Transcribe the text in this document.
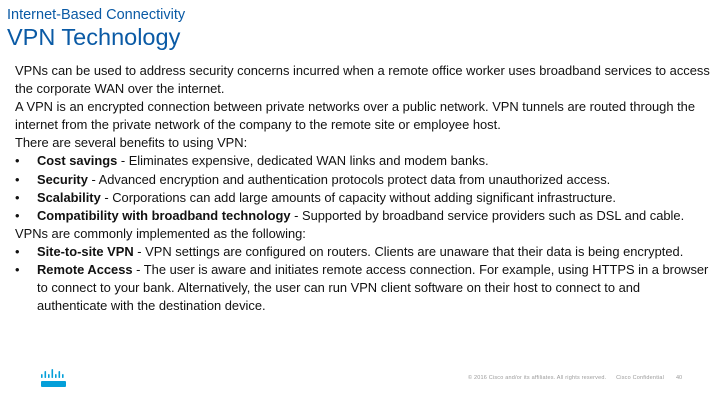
Internet-Based Connectivity
VPN Technology
VPNs can be used to address security concerns incurred when a remote office worker uses broadband services to access the corporate WAN over the internet.
A VPN is an encrypted connection between private networks over a public network. VPN tunnels are routed through the internet from the private network of the company to the remote site or employee host.
There are several benefits to using VPN:
•	Cost savings - Eliminates expensive, dedicated WAN links and modem banks.
•	Security - Advanced encryption and authentication protocols protect data from unauthorized access.
•	Scalability - Corporations can add large amounts of capacity without adding significant infrastructure.
•	Compatibility with broadband technology - Supported by broadband service providers such as DSL and cable.
VPNs are commonly implemented as the following:
•	Site-to-site VPN - VPN settings are configured on routers. Clients are unaware that their data is being encrypted.
•	Remote Access - The user is aware and initiates remote access connection. For example, using HTTPS in a browser to connect to your bank. Alternatively, the user can run VPN client software on their host to connect to and authenticate with the destination device.
© 2016 Cisco and/or its affiliates. All rights reserved. Cisco Confidential	40
